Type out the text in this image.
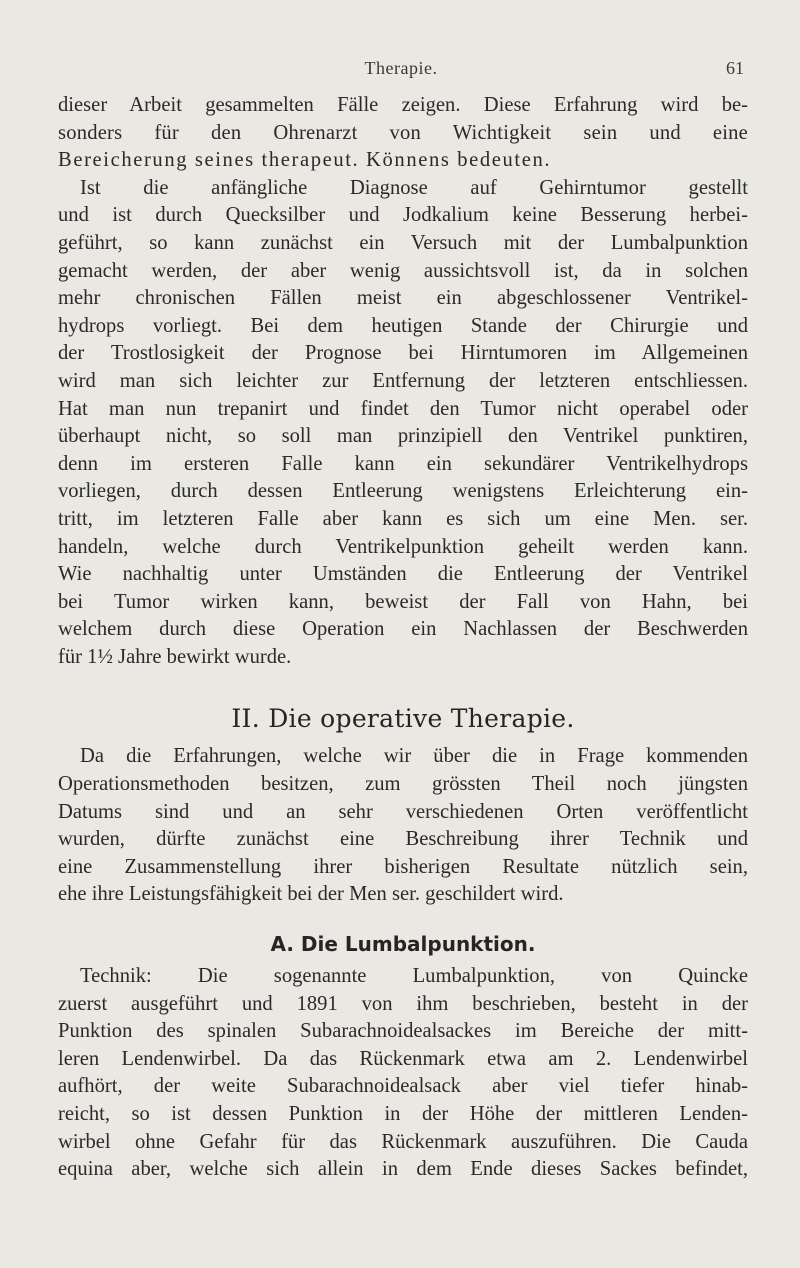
Therapie.	61
dieser Arbeit gesammelten Fälle zeigen. Diese Erfahrung wird be-
sonders für den Ohrenarzt von Wichtigkeit sein und eine
Bereicherung seines therapeut. Könnens bedeuten.
Ist die anfängliche Diagnose auf Gehirntumor gestellt
und ist durch Quecksilber und Jodkalium keine Besserung herbei-
geführt, so kann zunächst ein Versuch mit der Lumbalpunktion
gemacht werden, der aber wenig aussichtsvoll ist, da in solchen
mehr chronischen Fällen meist ein abgeschlossener Ventrikel-
hydrops vorliegt. Bei dem heutigen Stande der Chirurgie und
der Trostlosigkeit der Prognose bei Hirntumoren im Allgemeinen
wird man sich leichter zur Entfernung der letzteren entschliessen.
Hat man nun trepanirt und findet den Tumor nicht operabel oder
überhaupt nicht, so soll man prinzipiell den Ventrikel punktiren,
denn im ersteren Falle kann ein sekundärer Ventrikelhydrops
vorliegen, durch dessen Entleerung wenigstens Erleichterung ein-
tritt, im letzteren Falle aber kann es sich um eine Men. ser.
handeln, welche durch Ventrikelpunktion geheilt werden kann.
Wie nachhaltig unter Umständen die Entleerung der Ventrikel
bei Tumor wirken kann, beweist der Fall von Hahn, bei
welchem durch diese Operation ein Nachlassen der Beschwerden
für 1½ Jahre bewirkt wurde.
II. Die operative Therapie.
Da die Erfahrungen, welche wir über die in Frage kommenden
Operationsmethoden besitzen, zum grössten Theil noch jüngsten
Datums sind und an sehr verschiedenen Orten veröffentlicht
wurden, dürfte zunächst eine Beschreibung ihrer Technik und
eine Zusammenstellung ihrer bisherigen Resultate nützlich sein,
ehe ihre Leistungsfähigkeit bei der Men ser. geschildert wird.
A. Die Lumbalpunktion.
Technik: Die sogenannte Lumbalpunktion, von Quincke
zuerst ausgeführt und 1891 von ihm beschrieben, besteht in der
Punktion des spinalen Subarachnoidealsackes im Bereiche der mitt-
leren Lendenwirbel. Da das Rückenmark etwa am 2. Lendenwirbel
aufhört, der weite Subarachnoidealsack aber viel tiefer hinab-
reicht, so ist dessen Punktion in der Höhe der mittleren Lenden-
wirbel ohne Gefahr für das Rückenmark auszuführen. Die Cauda
equina aber, welche sich allein in dem Ende dieses Sackes befindet,
